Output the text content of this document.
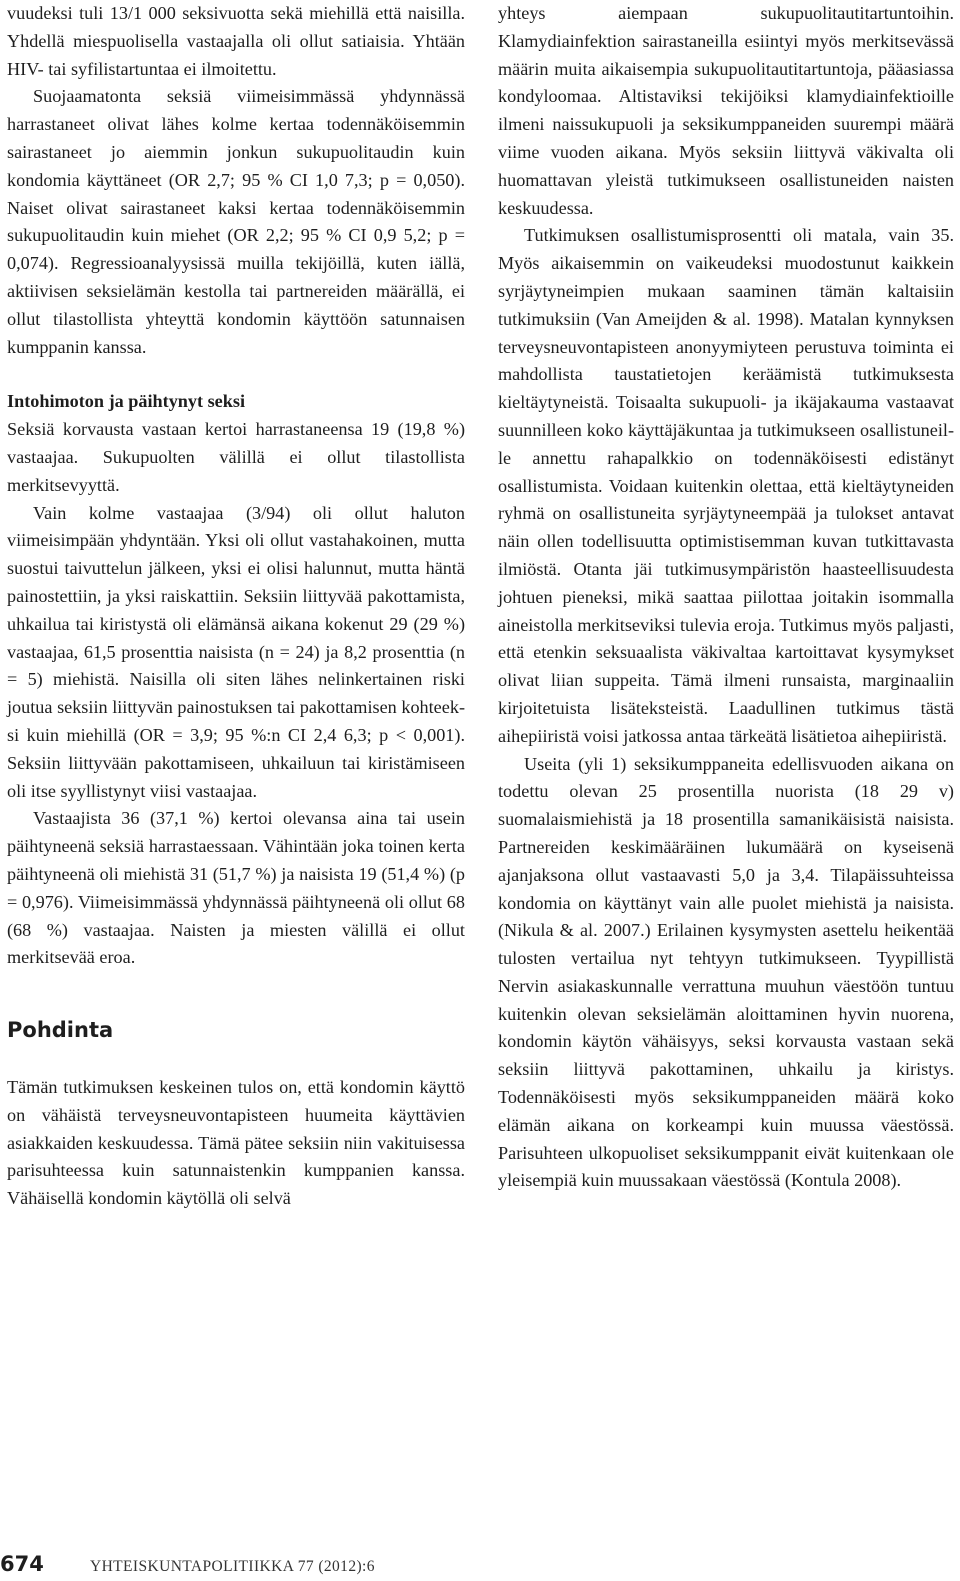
vuudeksi tuli 13/1 000 seksivuotta sekä miehillä että naisilla. Yhdellä miespuolisella vastaajalla oli ollut satiaisia. Yhtään HIV- tai syfilistartuntaa ei ilmoitettu.

Suojaamatonta seksiä viimeisimmässä yhdynnässä harrastaneet olivat lähes kolme kertaa todennäköisemmin sairastaneet jo aiemmin jonkun sukupuolitaudin kuin kondomia käyttäneet (OR 2,7; 95 % CI 1,0 7,3; p = 0,050). Naiset olivat sairastaneet kaksi kertaa todennäköisemmin sukupuolitaudin kuin miehet (OR 2,2; 95 % CI 0,9 5,2; p = 0,074). Regressioanalyysissä muilla tekijöillä, kuten iällä, aktiivisen seksielämän kestolla tai partnereiden määrällä, ei ollut tilastollista yhteyttä kondomin käyttöön satunnaisen kumppanin kanssa.

Intohimoton ja päihtynyt seksi

Seksiä korvausta vastaan kertoi harrastaneensa 19 (19,8 %) vastaajaa. Sukupuolten välillä ei ollut tilastollista merkitsevyyttä.

Vain kolme vastaajaa (3/94) oli ollut haluton viimeisimpään yhdyntään. Yksi oli ollut vastahakoinen, mutta suostui taivuttelun jälkeen, yksi ei olisi halunnut, mutta häntä painostettiin, ja yksi raiskattiin. Seksiin liittyvää pakottamista, uhkailua tai kiristystä oli elämänsä aikana kokenut 29 (29 %) vastaajaa, 61,5 prosenttia naisista (n = 24) ja 8,2 prosenttia (n = 5) miehistä. Naisilla oli siten lähes nelinkertainen riski joutua seksiin liittyvän painostuksen tai pakottamisen kohteeksi kuin miehillä (OR = 3,9; 95 %:n CI 2,4 6,3; p < 0,001). Seksiin liittyvään pakottamiseen, uhkailuun tai kiristämiseen oli itse syyllistynyt viisi vastaajaa.

Vastaajista 36 (37,1 %) kertoi olevansa aina tai usein päihtyneenä seksiä harrastaessaan. Vähintään joka toinen kerta päihtyneenä oli miehistä 31 (51,7 %) ja naisista 19 (51,4 %) (p = 0,976). Viimeisimmässä yhdynnässä päihtyneenä oli ollut 68 (68 %) vastaajaa. Naisten ja miesten välillä ei ollut merkitsevää eroa.

Pohdinta

Tämän tutkimuksen keskeinen tulos on, että kondomin käyttö on vähäistä terveysneuvontapisteen huumeita käyttävien asiakkaiden keskuudessa. Tämä pätee seksiin niin vakituisessa parisuhteessa kuin satunnaistenkin kumppanien kanssa. Vähäisellä kondomin käytöllä oli selvä

yhteys aiempaan sukupuolitautitartuntoihin. Klamydiainfektion sairastaneilla esiintyi myös merkitsevässä määrin muita aikaisempia sukupuolitautitartuntoja, pääasiassa kondyloomaa. Altistaviksi tekijöiksi klamydiainfektioille ilmeni naissukupuoli ja seksikumppaneiden suurempi määrä viime vuoden aikana. Myös seksiin liittyvä väkivalta oli huomattavan yleistä tutkimukseen osallistuneiden naisten keskuudessa.

Tutkimuksen osallistumisprosentti oli matala, vain 35. Myös aikaisemmin on vaikeudeksi muodostunut kaikkein syrjäytyneimpien mukaan saaminen tämän kaltaisiin tutkimuksiin (Van Ameijden & al. 1998). Matalan kynnyksen terveysneuvontapisteen anonyymiyteen perustuva toiminta ei mahdollista taustatietojen keräämistä tutkimuksesta kieltäytyneistä. Toisaalta sukupuoli- ja ikäjakauma vastaavat suunnilleen koko käyttäjäkuntaa ja tutkimukseen osallistuneille annettu rahapalkkio on todennäköisesti edistänyt osallistumista. Voidaan kuitenkin olettaa, että kieltäytyneiden ryhmä on osallistuneita syrjäytyneempää ja tulokset antavat näin ollen todellisuutta optimistisemman kuvan tutkittavasta ilmiöstä. Otanta jäi tutkimusympäristön haasteellisuudesta johtuen pieneksi, mikä saattaa piilottaa joitakin isommalla aineistolla merkitseviksi tulevia eroja. Tutkimus myös paljasti, että etenkin seksuaalista väkivaltaa kartoittavat kysymykset olivat liian suppeita. Tämä ilmeni runsaista, marginaaliin kirjoitetuista lisäteksteistä. Laadullinen tutkimus tästä aihepiiristä voisi jatkossa antaa tärkeätä lisätietoa aihepiiristä.

Useita (yli 1) seksikumppaneita edellisvuoden aikana on todettu olevan 25 prosentilla nuorista (18 29 v) suomalaismiehistä ja 18 prosentilla samanikäisistä naisista. Partnereiden keskimääräinen lukumäärä on kyseisenä ajanjaksona ollut vastaavasti 5,0 ja 3,4. Tilapäissuhteissa kondomia on käyttänyt vain alle puolet miehistä ja naisista. (Nikula & al. 2007.) Erilainen kysymysten asettelu heikentää tulosten vertailua nyt tehtyyn tutkimukseen. Tyypillistä Nervin asiakaskunnalle verrattuna muuhun väestöön tuntuu kuitenkin olevan seksielämän aloittaminen hyvin nuorena, kondomin käytön vähäisyys, seksi korvausta vastaan sekä seksiin liittyvä pakottaminen, uhkailu ja kiristys. Todennäköisesti myös seksikumppaneiden määrä koko elämän aikana on korkeampi kuin muussa väestössä. Parisuhteen ulkopuoliset seksikumppanit eivät kuitenkaan ole yleisempiä kuin muussakaan väestössä (Kontula 2008).

674	YHTEISKUNTAPOLITIIKKA 77 (2012):6
